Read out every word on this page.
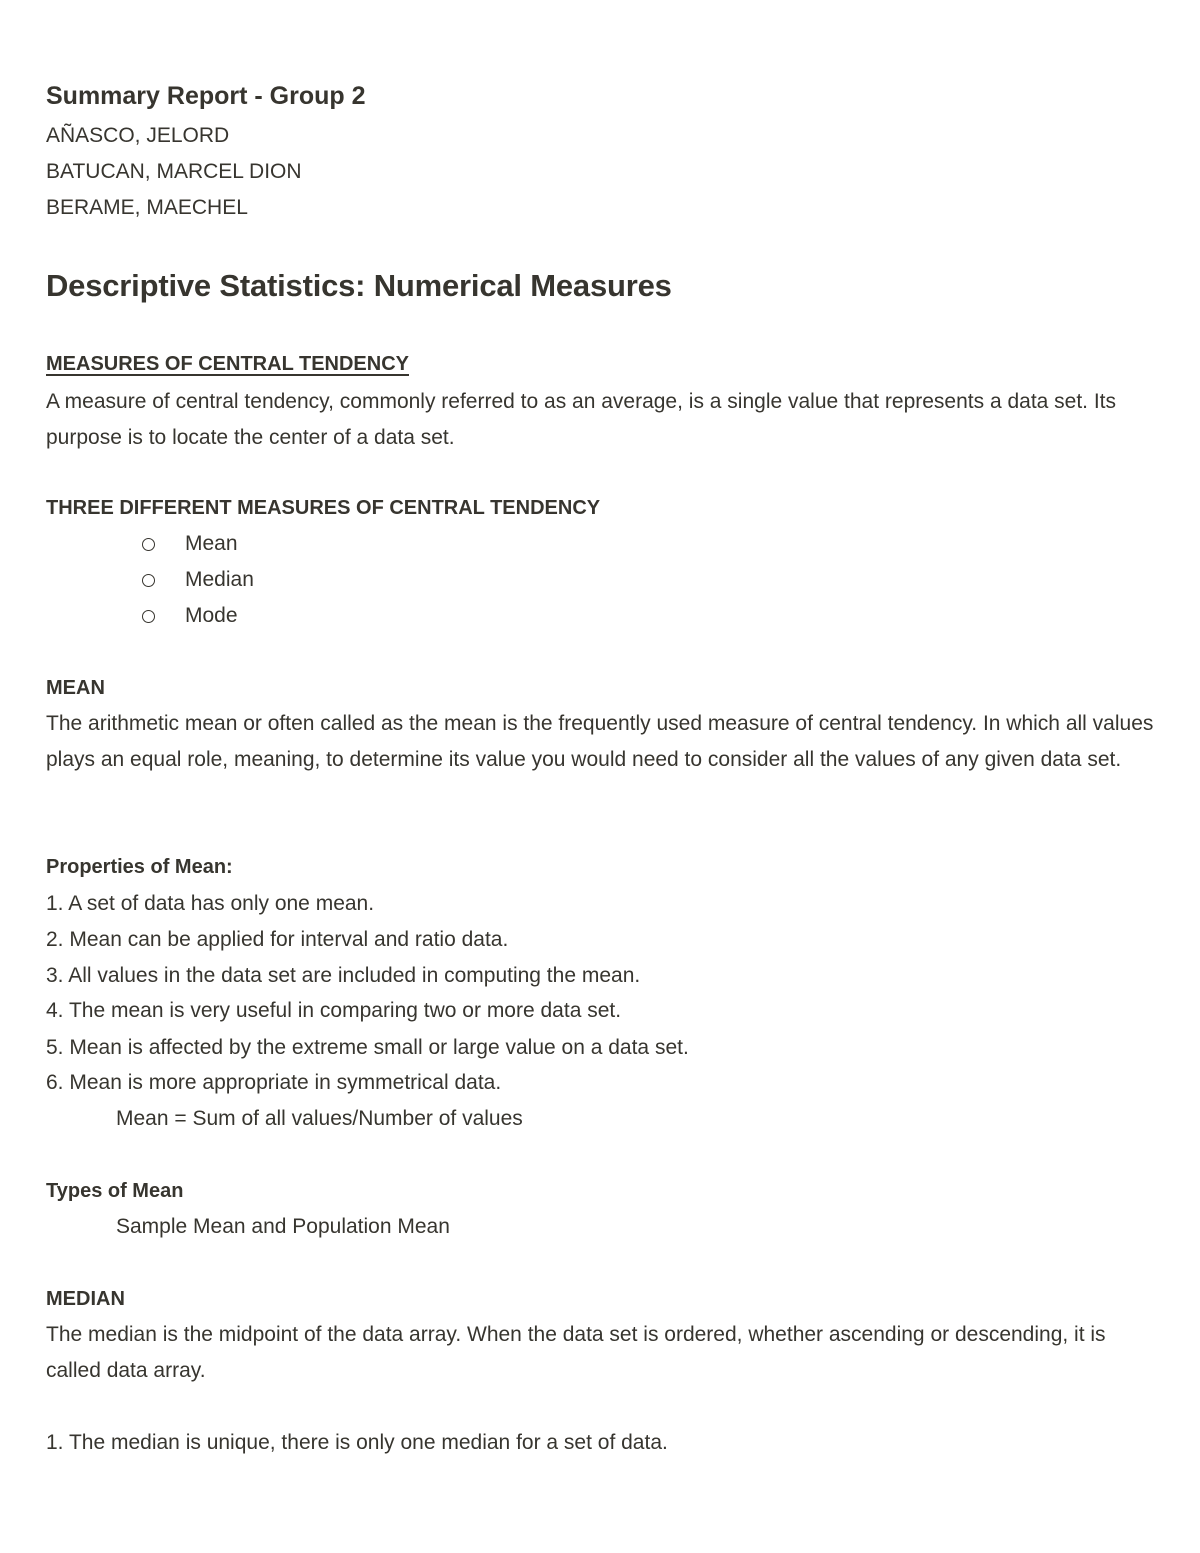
Summary Report - Group 2
AÑASCO, JELORD
BATUCAN, MARCEL DION
BERAME, MAECHEL
Descriptive Statistics: Numerical Measures
MEASURES OF CENTRAL TENDENCY
A measure of central tendency, commonly referred to as an average, is a single value that represents a data set. Its purpose is to locate the center of a data set.
THREE DIFFERENT MEASURES OF CENTRAL TENDENCY
Mean
Median
Mode
MEAN
The arithmetic mean or often called as the mean is the frequently used measure of central tendency. In which all values plays an equal role, meaning, to determine its value you would need to consider all the values of any given data set.
Properties of Mean:
1. A set of data has only one mean.
2. Mean can be applied for interval and ratio data.
3. All values in the data set are included in computing the mean.
4. The mean is very useful in comparing two or more data set.
5. Mean is affected by the extreme small or large value on a data set.
6. Mean is more appropriate in symmetrical data.
Mean = Sum of all values/Number of values
Types of Mean
Sample Mean and Population Mean
MEDIAN
The median is the midpoint of the data array. When the data set is ordered, whether ascending or descending, it is called data array.
1. The median is unique, there is only one median for a set of data.
